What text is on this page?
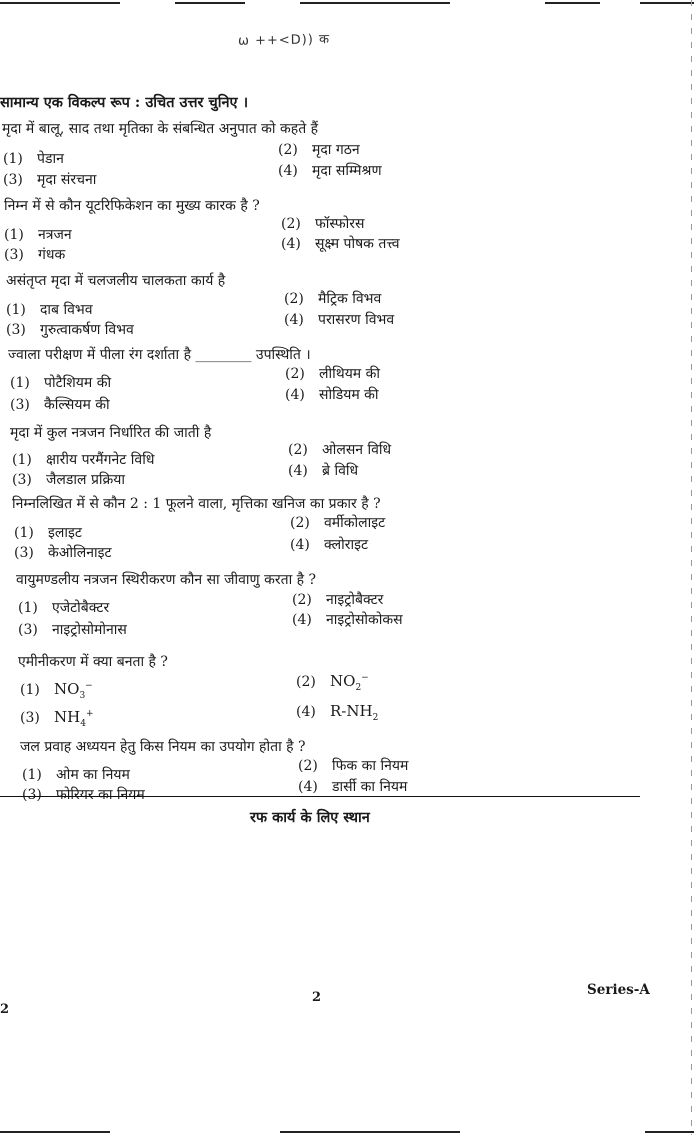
ω ++<D)) क
सामान्य एक विकल्प रूप : उचित उत्तर चुनिए ।
मृदा में बालू, साद तथा मृतिका के संबन्धित अनुपात को कहते हैं
(1) पेडान
(2) मृदा गठन
(3) मृदा संरचना
(4) मृदा सम्मिश्रण
निम्न में से कौन यूटरिफिकेशन का मुख्य कारक है ?
(1) नत्रजन
(2) फॉस्फोरस
(3) गंधक
(4) सूक्ष्म पोषक तत्त्व
असंतृप्त मृदा में चलजलीय चालकता कार्य है
(1) दाब विभव
(2) मैट्रिक विभव
(3) गुरुत्वाकर्षण विभव
(4) परासरण विभव
ज्वाला परीक्षण में पीला रंग दर्शाता है ________ उपस्थिति ।
(1) पोटैशियम की
(2) लीथियम की
(3) कैल्सियम की
(4) सोडियम की
मृदा में कुल नत्रजन निर्धारित की जाती है
(1) क्षारीय परमैंगनेट विधि
(2) ओलसन विधि
(3) जैलडाल प्रक्रिया
(4) ब्रे विधि
निम्नलिखित में से कौन 2 : 1 फूलने वाला, मृत्तिका खनिज का प्रकार है ?
(1) इलाइट
(2) वर्मीकोलाइट
(3) केओलिनाइट	(4) क्लोराइट
वायुमण्डलीय नत्रजन स्थिरीकरण कौन सा जीवाणु करता है ?
(1) एजेटोबैक्टर	(2) नाइट्रोबैक्टर
(3) नाइट्रोसोमोनास
(4) नाइट्रोसोकोकस
एमीनीकरण में क्या बनता है ?
(1) $NO_3^-$	(2) $NO_2^-$
(3) $NH_4^+$	(4) $R-NH_2$
जल प्रवाह अध्ययन हेतु किस नियम का उपयोग होता है ?
(1) ओम का नियम
(2) फिक का नियम
(3) फोरियर का नियम	(4) डार्सी का नियम
रफ कार्य के लिए स्थान
Series-A
2
2
